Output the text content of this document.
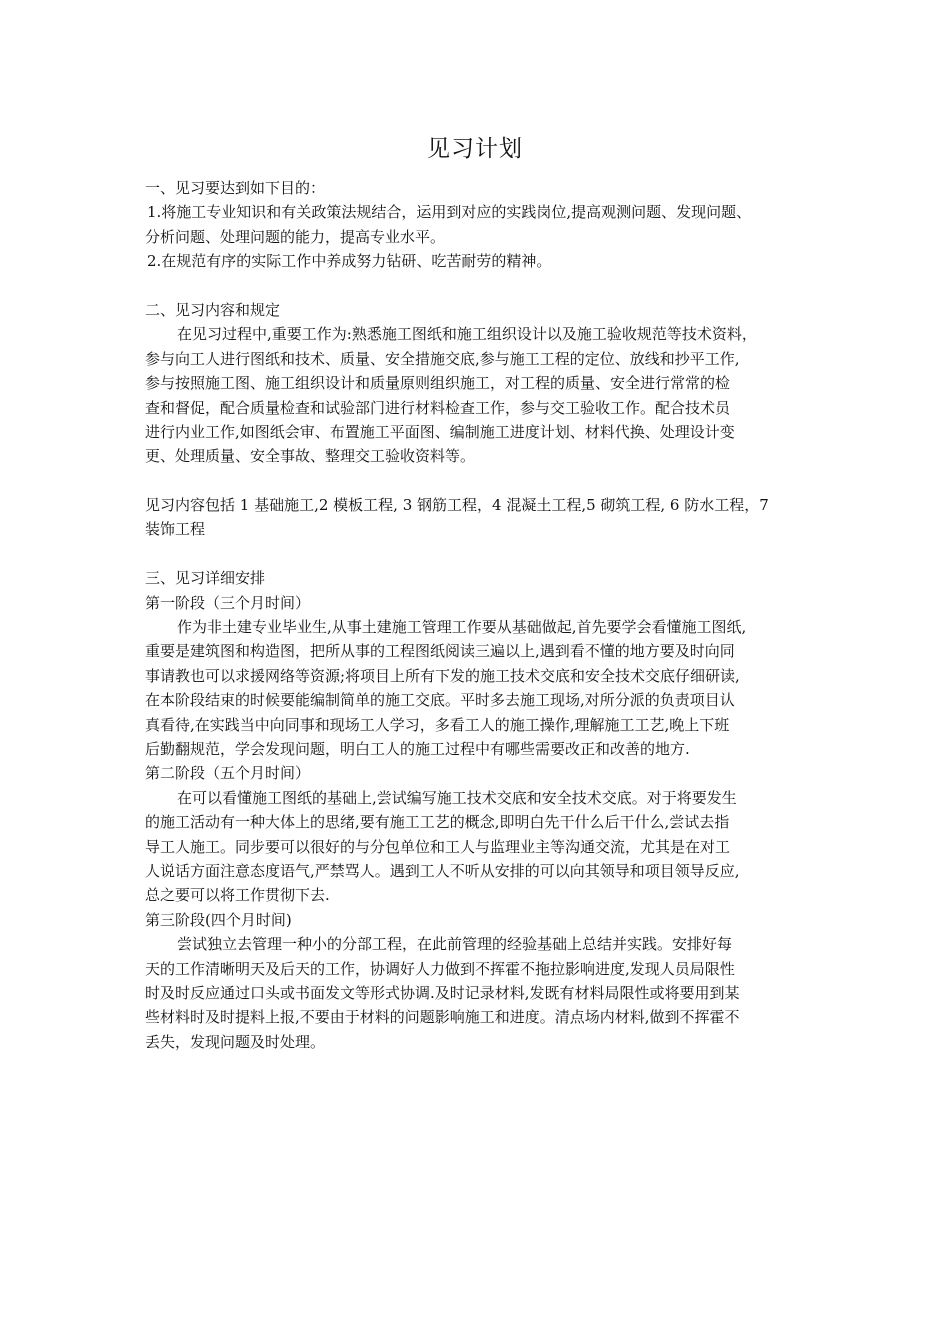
见习计划
一、见习要达到如下目的：
1.将施工专业知识和有关政策法规结合，运用到对应的实践岗位,提高观测问题、发现问题、
分析问题、处理问题的能力，提高专业水平。
2.在规范有序的实际工作中养成努力钻研、吃苦耐劳的精神。
二、见习内容和规定
在见习过程中,重要工作为:熟悉施工图纸和施工组织设计以及施工验收规范等技术资料，
参与向工人进行图纸和技术、质量、安全措施交底,参与施工工程的定位、放线和抄平工作,
参与按照施工图、施工组织设计和质量原则组织施工，对工程的质量、安全进行常常的检
查和督促，配合质量检查和试验部门进行材料检查工作，参与交工验收工作。配合技术员
进行内业工作,如图纸会审、布置施工平面图、编制施工进度计划、材料代换、处理设计变
更、处理质量、安全事故、整理交工验收资料等。
见习内容包括 1 基础施工,2 模板工程, 3 钢筋工程，4 混凝土工程,5 砌筑工程, 6 防水工程，7
装饰工程
三、见习详细安排
第一阶段（三个月时间）
作为非土建专业毕业生,从事土建施工管理工作要从基础做起,首先要学会看懂施工图纸,
重要是建筑图和构造图，把所从事的工程图纸阅读三遍以上,遇到看不懂的地方要及时向同
事请教也可以求援网络等资源;将项目上所有下发的施工技术交底和安全技术交底仔细研读,
在本阶段结束的时候要能编制简单的施工交底。平时多去施工现场,对所分派的负责项目认
真看待,在实践当中向同事和现场工人学习，多看工人的施工操作,理解施工工艺,晚上下班
后勤翻规范，学会发现问题，明白工人的施工过程中有哪些需要改正和改善的地方.
第二阶段（五个月时间）
在可以看懂施工图纸的基础上,尝试编写施工技术交底和安全技术交底。对于将要发生
的施工活动有一种大体上的思绪,要有施工工艺的概念,即明白先干什么后干什么,尝试去指
导工人施工。同步要可以很好的与分包单位和工人与监理业主等沟通交流，尤其是在对工
人说话方面注意态度语气,严禁骂人。遇到工人不听从安排的可以向其领导和项目领导反应,
总之要可以将工作贯彻下去.
第三阶段(四个月时间)
尝试独立去管理一种小的分部工程，在此前管理的经验基础上总结并实践。安排好每
天的工作清晰明天及后天的工作，协调好人力做到不挥霍不拖拉影响进度,发现人员局限性
时及时反应通过口头或书面发文等形式协调.及时记录材料,发既有材料局限性或将要用到某
些材料时及时提料上报,不要由于材料的问题影响施工和进度。清点场内材料,做到不挥霍不
丢失，发现问题及时处理。
